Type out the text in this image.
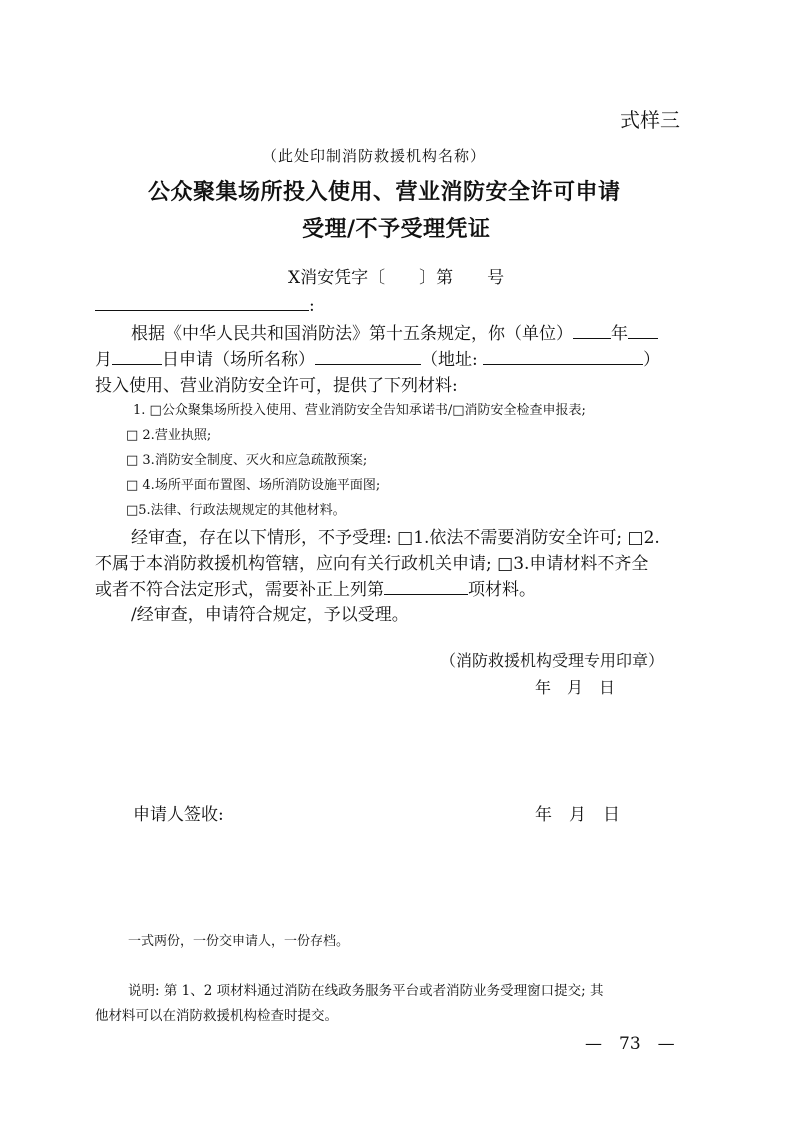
式样三
（此处印制消防救援机构名称）
公众聚集场所投入使用、营业消防安全许可申请
受理/不予受理凭证
X消安凭字〔　　〕第　　号
:
根据《中华人民共和国消防法》第十五条规定，你（单位） 年
月	日申请（场所名称）	（地址:	）
投入使用、营业消防安全许可，提供了下列材料:
1. □公众聚集场所投入使用、营业消防安全告知承诺书/□消防安全检查申报表;
□ 2.营业执照;
□ 3.消防安全制度、灭火和应急疏散预案;
□ 4.场所平面布置图、场所消防设施平面图;
□5.法律、行政法规规定的其他材料。
经审查，存在以下情形，不予受理: □1.依法不需要消防安全许可; □2.
不属于本消防救援机构管辖，应向有关行政机关申请; □3.申请材料不齐全
或者不符合法定形式，需要补正上列第	项材料。
/经审查，申请符合规定，予以受理。
（消防救援机构受理专用印章）
年　月　日
申请人签收:	年　月　日
一式两份，一份交申请人，一份存档。
说明: 第 1、2 项材料通过消防在线政务服务平台或者消防业务受理窗口提交; 其
他材料可以在消防救援机构检查时提交。
—　73　—
